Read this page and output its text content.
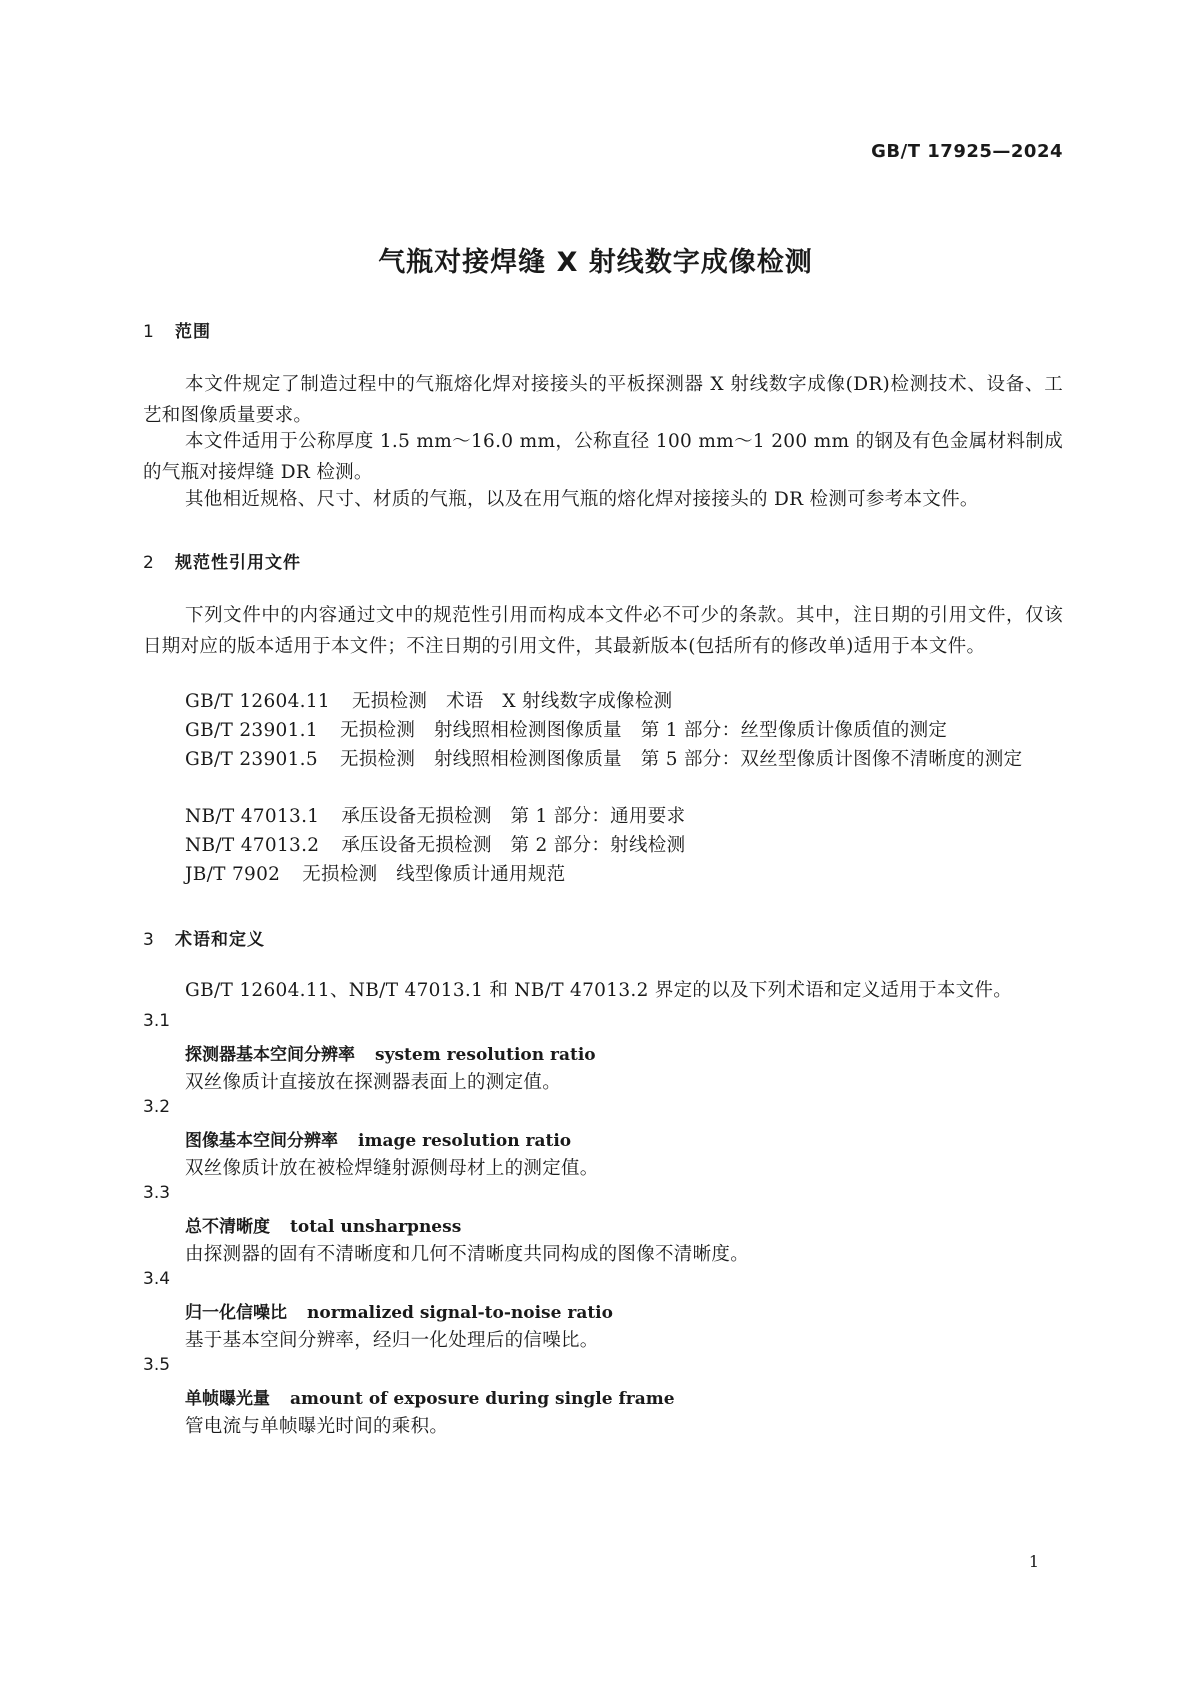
GB/T 17925—2024
气瓶对接焊缝 X 射线数字成像检测
1 范围
本文件规定了制造过程中的气瓶熔化焊对接接头的平板探测器 X 射线数字成像(DR)检测技术、设备、工艺和图像质量要求。
本文件适用于公称厚度 1.5 mm～16.0 mm，公称直径 100 mm～1 200 mm 的钢及有色金属材料制成的气瓶对接焊缝 DR 检测。
其他相近规格、尺寸、材质的气瓶，以及在用气瓶的熔化焊对接接头的 DR 检测可参考本文件。
2 规范性引用文件
下列文件中的内容通过文中的规范性引用而构成本文件必不可少的条款。其中，注日期的引用文件，仅该日期对应的版本适用于本文件；不注日期的引用文件，其最新版本(包括所有的修改单)适用于本文件。
GB/T 12604.11 无损检测　术语　X 射线数字成像检测
GB/T 23901.1 无损检测　射线照相检测图像质量　第 1 部分：丝型像质计像质值的测定
GB/T 23901.5 无损检测　射线照相检测图像质量　第 5 部分：双丝型像质计图像不清晰度的测定
NB/T 47013.1 承压设备无损检测　第 1 部分：通用要求
NB/T 47013.2 承压设备无损检测　第 2 部分：射线检测
JB/T 7902 无损检测　线型像质计通用规范
3 术语和定义
GB/T 12604.11、NB/T 47013.1 和 NB/T 47013.2 界定的以及下列术语和定义适用于本文件。
3.1
探测器基本空间分辨率 system resolution ratio
双丝像质计直接放在探测器表面上的测定值。
3.2
图像基本空间分辨率 image resolution ratio
双丝像质计放在被检焊缝射源侧母材上的测定值。
3.3
总不清晰度 total unsharpness
由探测器的固有不清晰度和几何不清晰度共同构成的图像不清晰度。
3.4
归一化信噪比 normalized signal-to-noise ratio
基于基本空间分辨率，经归一化处理后的信噪比。
3.5
单帧曝光量 amount of exposure during single frame
管电流与单帧曝光时间的乘积。
1
